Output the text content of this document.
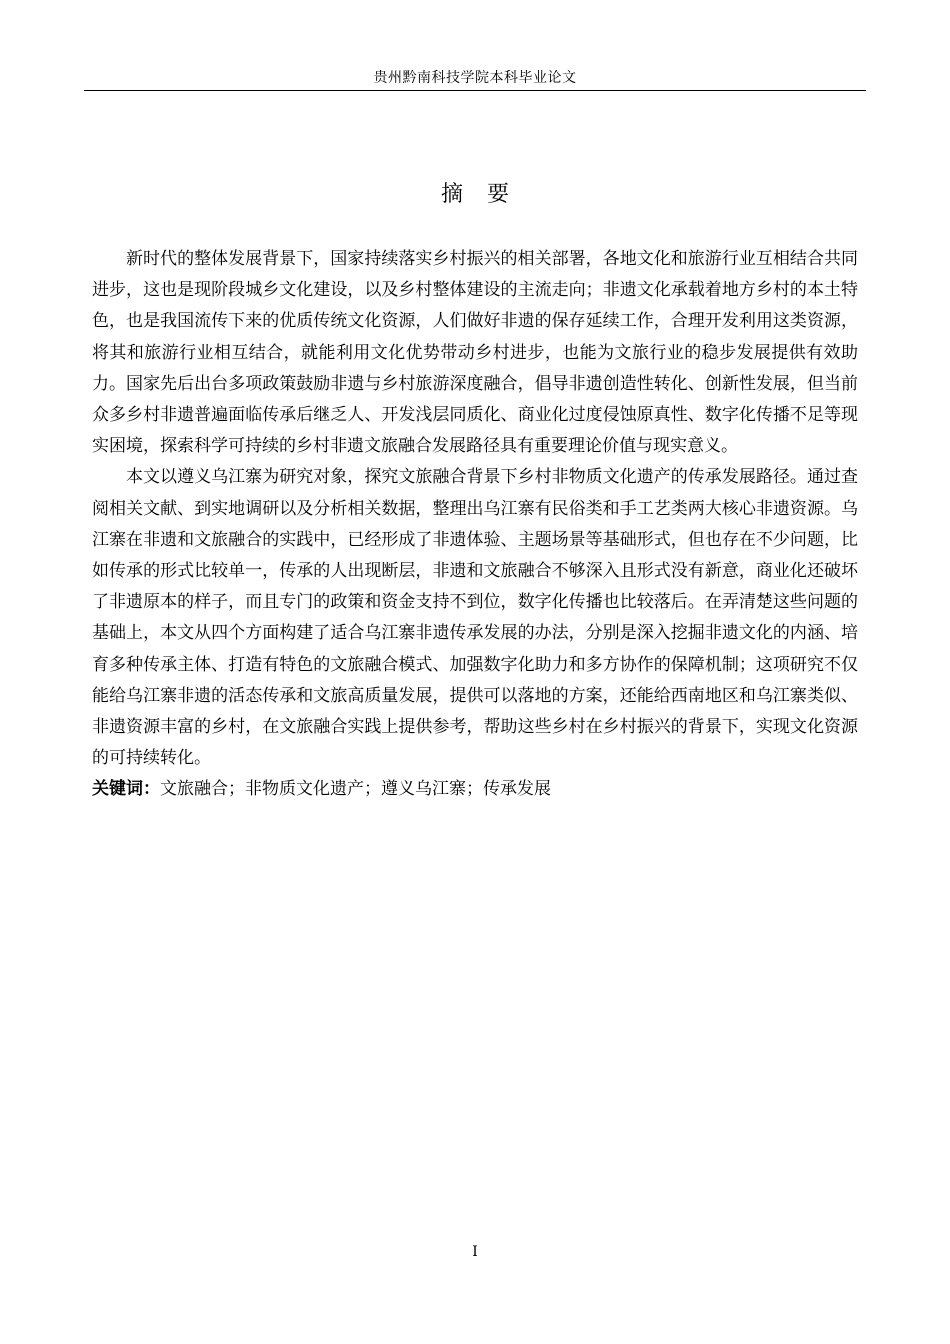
贵州黔南科技学院本科毕业论文
摘要

新时代的整体发展背景下，国家持续落实乡村振兴的相关部署，各地文化和旅游行业互相结合共同进步，这也是现阶段城乡文化建设，以及乡村整体建设的主流走向；非遗文化承载着地方乡村的本土特色，也是我国流传下来的优质传统文化资源，人们做好非遗的保存延续工作，合理开发利用这类资源，将其和旅游行业相互结合，就能利用文化优势带动乡村进步，也能为文旅行业的稳步发展提供有效助力。国家先后出台多项政策鼓励非遗与乡村旅游深度融合，倡导非遗创造性转化、创新性发展，但当前众多乡村非遗普遍面临传承后继乏人、开发浅层同质化、商业化过度侵蚀原真性、数字化传播不足等现实困境，探索科学可持续的乡村非遗文旅融合发展路径具有重要理论价值与现实意义。

本文以遵义乌江寨为研究对象，探究文旅融合背景下乡村非物质文化遗产的传承发展路径。通过查阅相关文献、到实地调研以及分析相关数据，整理出乌江寨有民俗类和手工艺类两大核心非遗资源。乌江寨在非遗和文旅融合的实践中，已经形成了非遗体验、主题场景等基础形式，但也存在不少问题，比如传承的形式比较单一，传承的人出现断层，非遗和文旅融合不够深入且形式没有新意，商业化还破坏了非遗原本的样子，而且专门的政策和资金支持不到位，数字化传播也比较落后。在弄清楚这些问题的基础上，本文从四个方面构建了适合乌江寨非遗传承发展的办法，分别是深入挖掘非遗文化的内涵、培育多种传承主体、打造有特色的文旅融合模式、加强数字化助力和多方协作的保障机制；这项研究不仅能给乌江寨非遗的活态传承和文旅高质量发展，提供可以落地的方案，还能给西南地区和乌江寨类似、非遗资源丰富的乡村，在文旅融合实践上提供参考，帮助这些乡村在乡村振兴的背景下，实现文化资源的可持续转化。

关键词：文旅融合；非物质文化遗产；遵义乌江寨；传承发展

I
